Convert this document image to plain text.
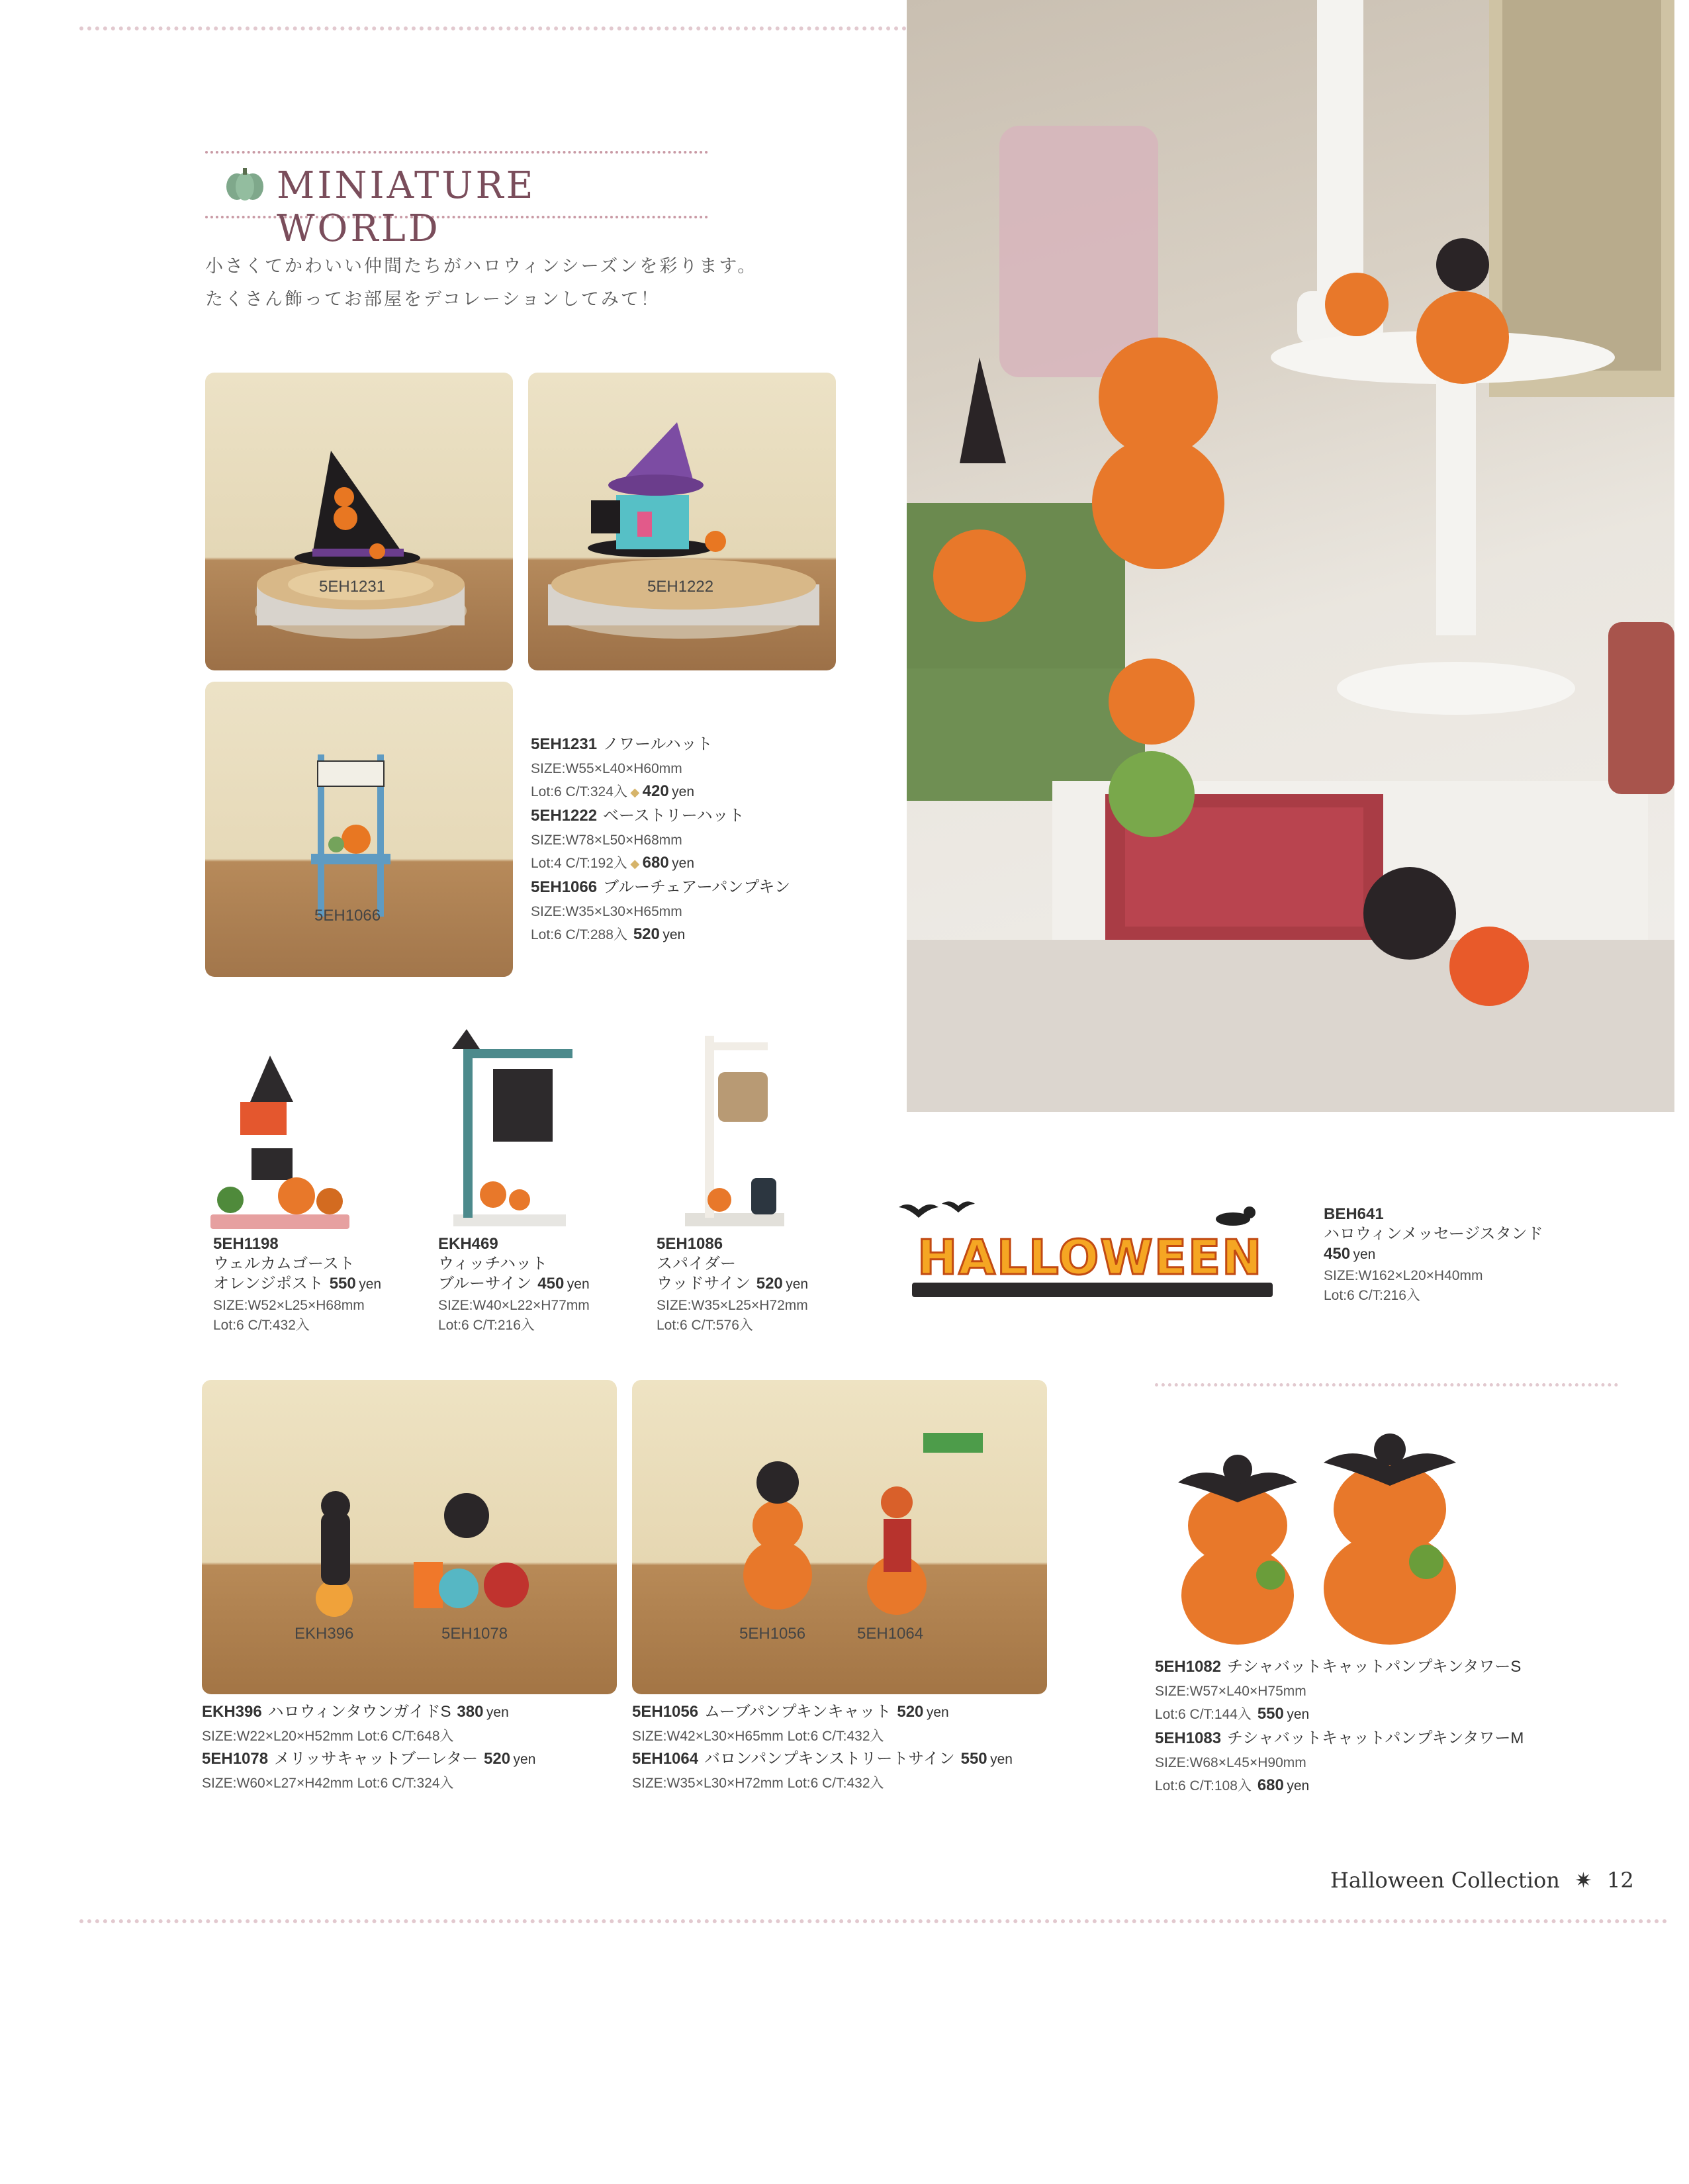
MINIATURE WORLD
小さくてかわいい仲間たちがハロウィンシーズンを彩ります。
たくさん飾ってお部屋をデコレーションしてみて！
5EH1231	5EH1222
5EH1066
5EH1231 ノワールハット
SIZE:W55×L40×H60mm
Lot:6 C/T:324入 ◆ 420 yen
5EH1222 ベーストリーハット
SIZE:W78×L50×H68mm
Lot:4 C/T:192入 ◆ 680 yen
5EH1066 ブルーチェアーパンプキン
SIZE:W35×L30×H65mm
Lot:6 C/T:288入 520 yen
5EH1198
ウェルカムゴースト
オレンジポスト 550 yen
SIZE:W52×L25×H68mm
Lot:6 C/T:432入
EKH469
ウィッチハット
ブルーサイン 450 yen
SIZE:W40×L22×H77mm
Lot:6 C/T:216入
5EH1086
スパイダー
ウッドサイン 520 yen
SIZE:W35×L25×H72mm
Lot:6 C/T:576入
HALLOWEEN
BEH641
ハロウィンメッセージスタンド
450 yen
SIZE:W162×L20×H40mm
Lot:6 C/T:216入
EKH396	5EH1078	5EH1056	5EH1064
EKH396 ハロウィンタウンガイドS 380 yen
SIZE:W22×L20×H52mm Lot:6 C/T:648入
5EH1078 メリッサキャットブーレター 520 yen
SIZE:W60×L27×H42mm Lot:6 C/T:324入
5EH1056 ムーブパンプキンキャット 520 yen
SIZE:W42×L30×H65mm Lot:6 C/T:432入
5EH1064 バロンパンプキンストリートサイン 550 yen
SIZE:W35×L30×H72mm Lot:6 C/T:432入
5EH1082 チシャバットキャットパンプキンタワーS
SIZE:W57×L40×H75mm
Lot:6 C/T:144入 550 yen
5EH1083 チシャバットキャットパンプキンタワーM
SIZE:W68×L45×H90mm
Lot:6 C/T:108入 680 yen
Halloween Collection ✷ 12
